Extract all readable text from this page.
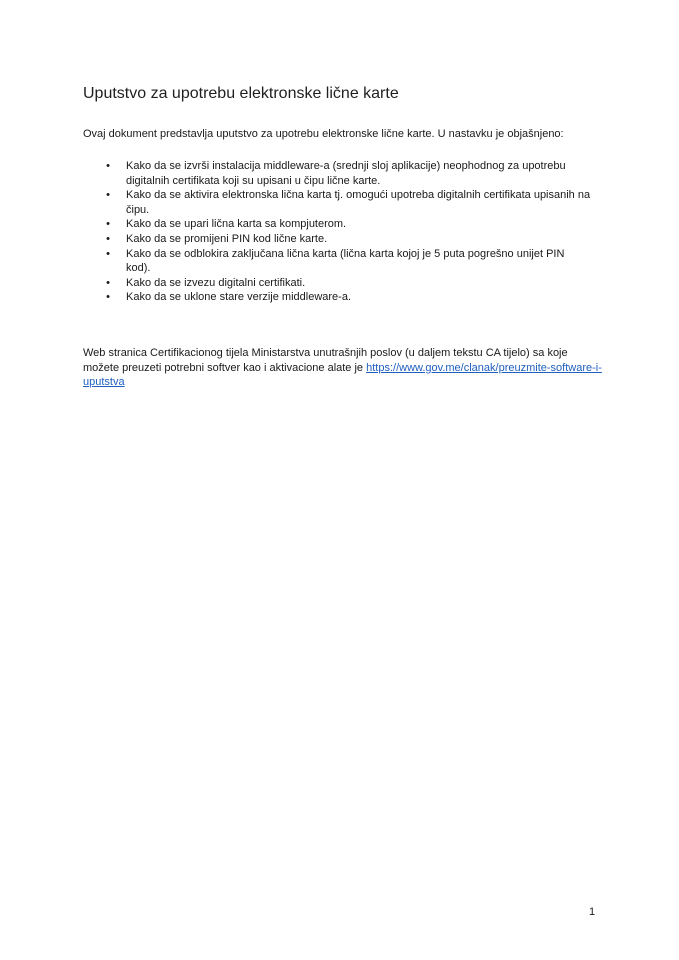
Uputstvo za upotrebu elektronske lične karte

Ovaj dokument predstavlja uputstvo za upotrebu elektronske lične karte. U nastavku je objašnjeno:

• Kako da se izvrši instalacija middleware-a (srednji sloj aplikacije) neophodnog za upotrebu digitalnih certifikata koji su upisani u čipu lične karte.
• Kako da se aktivira elektronska lična karta tj. omogući upotreba digitalnih certifikata upisanih na čipu.
• Kako da se upari lična karta sa kompjuterom.
• Kako da se promijeni PIN kod lične karte.
• Kako da se odblokira zaključana lična karta (lična karta kojoj je 5 puta pogrešno unijet PIN kod).
• Kako da se izvezu digitalni certifikati.
• Kako da se uklone stare verzije middleware-a.

Web stranica Certifikacionog tijela Ministarstva unutrašnjih poslov (u daljem tekstu CA tijelo) sa koje možete preuzeti potrebni softver kao i aktivacione alate je https://www.gov.me/clanak/preuzmite-software-i-uputstva

1
